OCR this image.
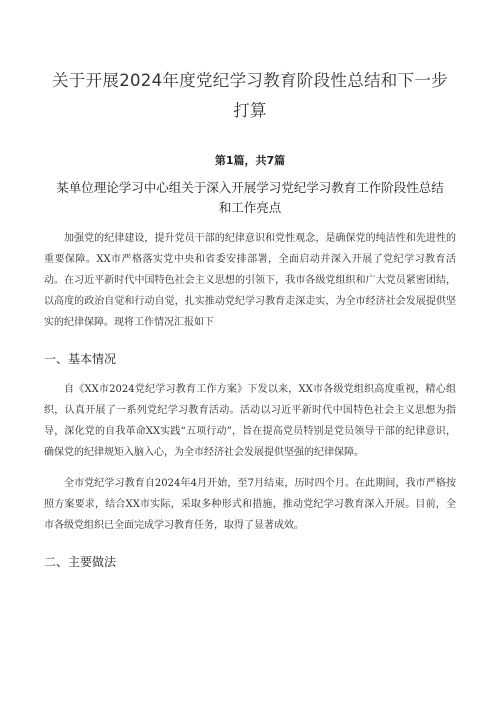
关于开展2024年度党纪学习教育阶段性总结和下一步打算
第1篇，共7篇
某单位理论学习中心组关于深入开展学习党纪学习教育工作阶段性总结和工作亮点

加强党的纪律建设，提升党员干部的纪律意识和党性观念，是确保党的纯洁性和先进性的重要保障。XX市严格落实党中央和省委安排部署，全面启动并深入开展了党纪学习教育活动。在习近平新时代中国特色社会主义思想的引领下，我市各级党组织和广大党员紧密团结，以高度的政治自觉和行动自觉，扎实推动党纪学习教育走深走实，为全市经济社会发展提供坚实的纪律保障。现将工作情况汇报如下

一、基本情况

自《XX市2024党纪学习教育工作方案》下发以来，XX市各级党组织高度重视，精心组织，认真开展了一系列党纪学习教育活动。活动以习近平新时代中国特色社会主义思想为指导，深化党的自我革命XX实践“五项行动”，旨在提高党员特别是党员领导干部的纪律意识，确保党的纪律规矩入脑入心，为全市经济社会发展提供坚强的纪律保障。

全市党纪学习教育自2024年4月开始，至7月结束，历时四个月。在此期间，我市严格按照方案要求，结合XX市实际，采取多种形式和措施，推动党纪学习教育深入开展。目前，全市各级党组织已全面完成学习教育任务，取得了显著成效。

二、主要做法
